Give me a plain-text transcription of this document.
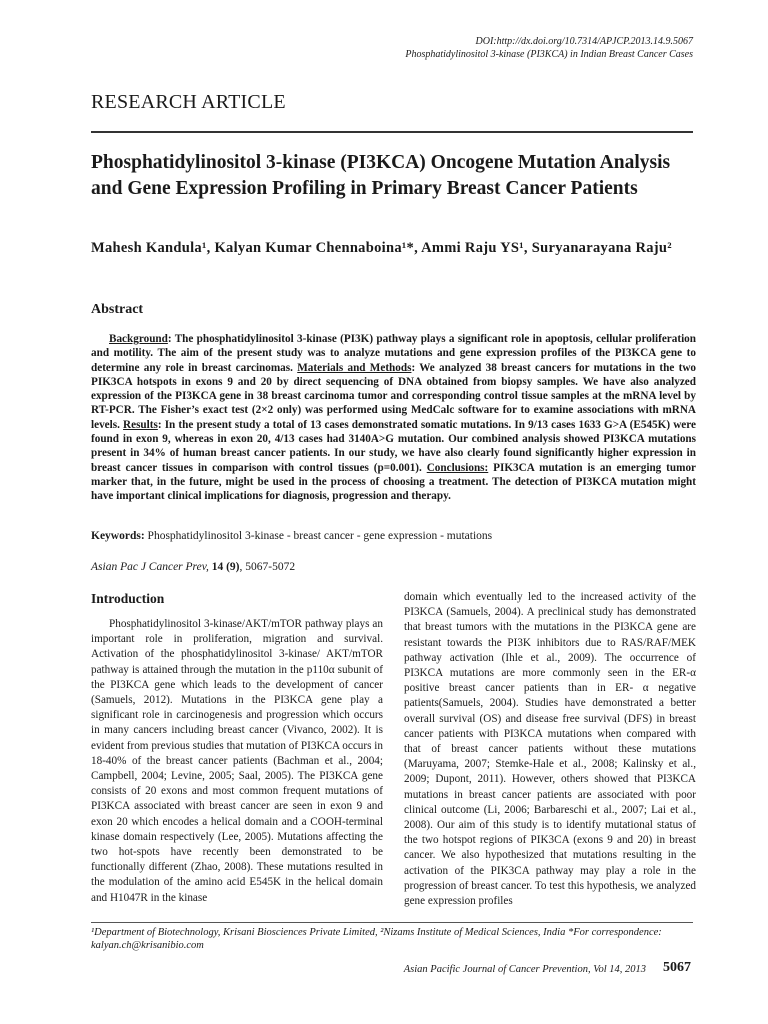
DOI:http://dx.doi.org/10.7314/APJCP.2013.14.9.5067
Phosphatidylinositol 3-kinase (PI3KCA) in Indian Breast Cancer Cases
RESEARCH ARTICLE
Phosphatidylinositol 3-kinase (PI3KCA) Oncogene Mutation Analysis and Gene Expression Profiling in Primary Breast Cancer Patients
Mahesh Kandula¹, Kalyan Kumar Chennaboina¹*, Ammi Raju YS¹, Suryanarayana Raju²
Abstract

Background: The phosphatidylinositol 3-kinase (PI3K) pathway plays a significant role in apoptosis, cellular proliferation and motility. The aim of the present study was to analyze mutations and gene expression profiles of the PI3KCA gene to determine any role in breast carcinomas. Materials and Methods: We analyzed 38 breast cancers for mutations in the two PIK3CA hotspots in exons 9 and 20 by direct sequencing of DNA obtained from biopsy samples. We have also analyzed expression of the PI3KCA gene in 38 breast carcinoma tumor and corresponding control tissue samples at the mRNA level by RT-PCR. The Fisher’s exact test (2×2 only) was performed using MedCalc software for to examine associations with mRNA levels. Results: In the present study a total of 13 cases demonstrated somatic mutations. In 9/13 cases 1633 G>A (E545K) were found in exon 9, whereas in exon 20, 4/13 cases had 3140A>G mutation. Our combined analysis showed PI3KCA mutations present in 34% of human breast cancer patients. In our study, we have also clearly found significantly higher expression in breast cancer tissues in comparison with control tissues (p=0.001). Conclusions: PIK3CA mutation is an emerging tumor marker that, in the future, might be used in the process of choosing a treatment. The detection of PI3KCA mutation might have important clinical implications for diagnosis, progression and therapy.

Keywords: Phosphatidylinositol 3-kinase - breast cancer - gene expression - mutations
Asian Pac J Cancer Prev, 14 (9), 5067-5072

Introduction

Phosphatidylinositol 3-kinase/AKT/mTOR pathway plays an important role in proliferation, migration and survival. Activation of the phosphatidylinositol 3-kinase/ AKT/mTOR pathway is attained through the mutation in the p110α subunit of the PI3KCA gene which leads to the development of cancer (Samuels, 2012). Mutations in the PI3KCA gene play a significant role in carcinogenesis and progression which occurs in many cancers including breast cancer (Vivanco, 2002). It is evident from previous studies that mutation of PI3KCA occurs in 18-40% of the breast cancer patients (Bachman et al., 2004; Campbell, 2004; Levine, 2005; Saal, 2005). The PI3KCA gene consists of 20 exons and most common frequent mutations of PI3KCA associated with breast cancer are seen in exon 9 and exon 20 which encodes a helical domain and a COOH-terminal kinase domain respectively (Lee, 2005). Mutations affecting the two hot-spots have recently been demonstrated to be functionally different (Zhao, 2008). These mutations resulted in the modulation of the amino acid E545K in the helical domain and H1047R in the kinase

domain which eventually led to the increased activity of the PI3KCA (Samuels, 2004). A preclinical study has demonstrated that breast tumors with the mutations in the PI3KCA gene are resistant towards the PI3K inhibitors due to RAS/RAF/MEK pathway activation (Ihle et al., 2009). The occurrence of PI3KCA mutations are more commonly seen in the ER-α positive breast cancer patients than in ER- α negative patients(Samuels, 2004). Studies have demonstrated a better overall survival (OS) and disease free survival (DFS) in breast cancer patients with PI3KCA mutations when compared with that of breast cancer patients without these mutations (Maruyama, 2007; Stemke-Hale et al., 2008; Kalinsky et al., 2009; Dupont, 2011). However, others showed that PI3KCA mutations in breast cancer patients are associated with poor clinical outcome (Li, 2006; Barbareschi et al., 2007; Lai et al., 2008). Our aim of this study is to identify mutational status of the two hotspot regions of PIK3CA (exons 9 and 20) in breast cancer. We also hypothesized that mutations resulting in the activation of the PIK3CA pathway may play a role in the progression of breast cancer. To test this hypothesis, we analyzed gene expression profiles

¹Department of Biotechnology, Krisani Biosciences Private Limited, ²Nizams Institute of Medical Sciences, India *For correspondence: kalyan.ch@krisanibio.com
Asian Pacific Journal of Cancer Prevention, Vol 14, 2013 5067
